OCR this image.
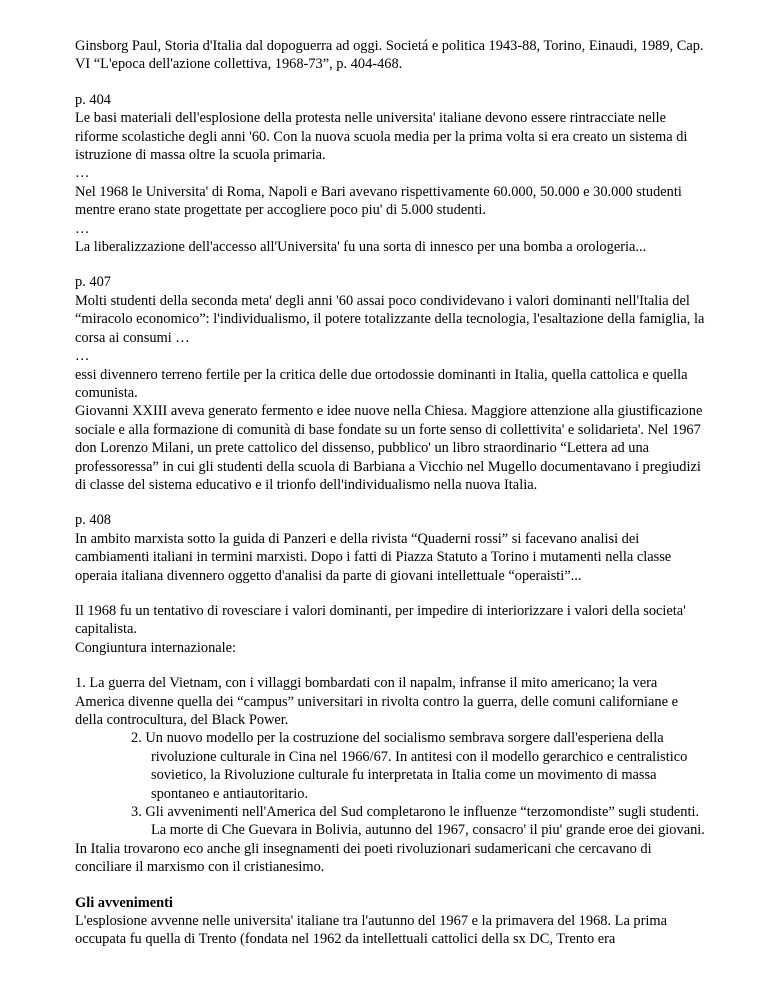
Ginsborg Paul, Storia d'Italia dal dopoguerra ad oggi. Societá e politica 1943-88, Torino, Einaudi, 1989, Cap. VI “L'epoca dell'azione collettiva, 1968-73”, p. 404-468.

p. 404

Le basi materiali dell'esplosione della protesta nelle universita' italiane devono essere rintracciate nelle riforme scolastiche degli anni '60. Con la nuova scuola media per la prima volta si era creato un sistema di istruzione di massa oltre la scuola primaria.

…

Nel 1968 le Universita' di Roma, Napoli e Bari avevano rispettivamente 60.000, 50.000 e 30.000 studenti mentre erano state progettate per accogliere poco piu' di 5.000 studenti.

…

La liberalizzazione dell'accesso all'Universita' fu una sorta di innesco per una bomba a orologeria...

p. 407

Molti studenti della seconda meta' degli anni '60 assai poco condividevano i valori dominanti nell'Italia del “miracolo economico”: l'individualismo, il potere totalizzante della tecnologia, l'esaltazione della famiglia, la corsa ai consumi …

…

essi divennero terreno fertile per la critica delle due ortodossie dominanti in Italia, quella cattolica e quella comunista.

Giovanni XXIII aveva generato fermento e idee nuove nella Chiesa. Maggiore attenzione alla giustificazione sociale e alla formazione di comunità di base fondate su un forte senso di collettivita' e solidarieta'. Nel 1967 don Lorenzo Milani, un prete cattolico del dissenso, pubblico' un libro straordinario “Lettera ad una professoressa” in cui gli studenti della scuola di Barbiana a Vicchio nel Mugello documentavano i pregiudizi di classe del sistema educativo e il trionfo dell'individualismo nella nuova Italia.

p. 408

In ambito marxista sotto la guida di Panzeri e della rivista “Quaderni rossi” si facevano analisi dei cambiamenti italiani in termini marxisti. Dopo i fatti di Piazza Statuto a Torino i mutamenti nella classe operaia italiana divennero oggetto d'analisi da parte di giovani intellettuale “operaisti”...

Il 1968 fu un tentativo di rovesciare i valori dominanti, per impedire di interiorizzare i valori della societa' capitalista.

Congiuntura internazionale:

1. La guerra del Vietnam, con i villaggi bombardati con il napalm, infranse il mito americano; la vera America divenne quella dei “campus” universitari in rivolta contro la guerra, delle comuni californiane e della controcultura, del Black Power.

2. Un nuovo modello per la costruzione del socialismo sembrava sorgere dall'esperiena della rivoluzione culturale in Cina nel 1966/67. In antitesi con il modello gerarchico e centralistico sovietico, la Rivoluzione culturale fu interpretata in Italia come un movimento di massa spontaneo e antiautoritario.

3. Gli avvenimenti nell'America del Sud completarono le influenze “terzomondiste” sugli studenti. La morte di Che Guevara in Bolivia, autunno del 1967, consacro' il piu' grande eroe dei giovani.

In Italia trovarono eco anche gli insegnamenti dei poeti rivoluzionari sudamericani che cercavano di conciliare il marxismo con il cristianesimo.

Gli avvenimenti

L'esplosione avvenne nelle universita' italiane tra l'autunno del 1967 e la primavera del 1968. La prima occupata fu quella di Trento (fondata nel 1962 da intellettuali cattolici della sx DC, Trento era
